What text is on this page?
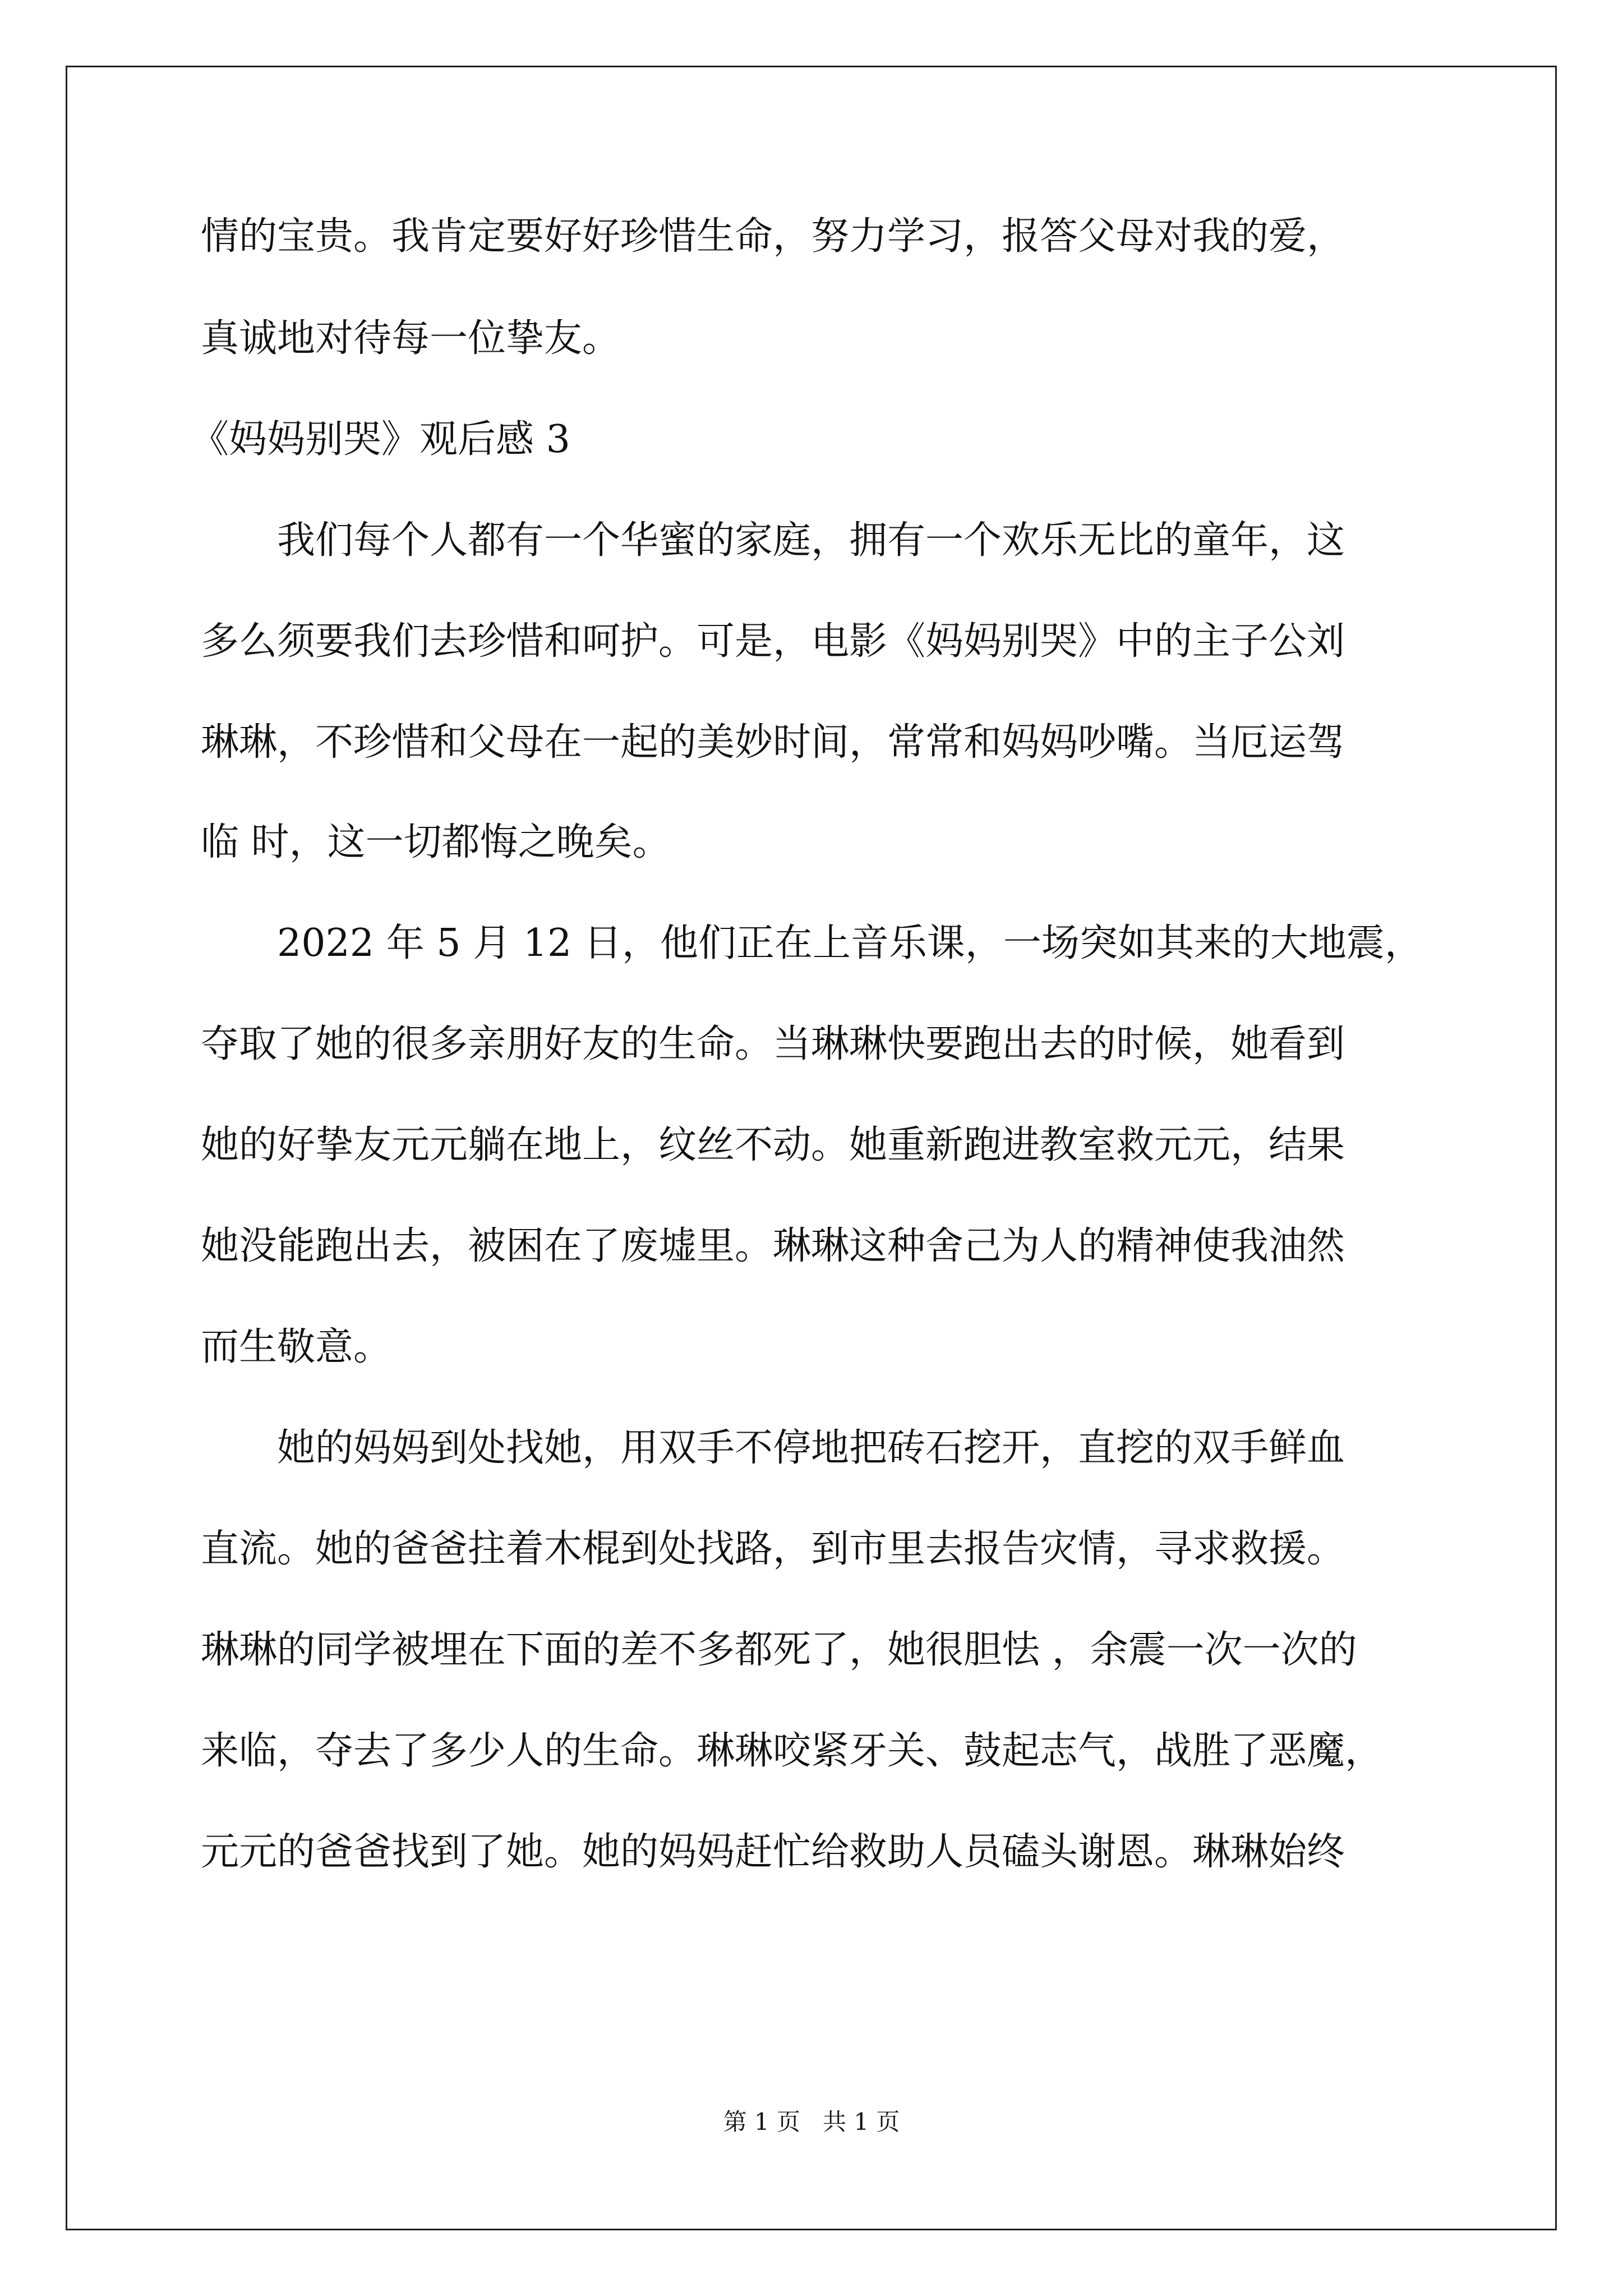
情的宝贵。我肯定要好好珍惜生命，努力学习，报答父母对我的爱，
真诚地对待每一位挚友。
《妈妈别哭》观后感 3
　　我们每个人都有一个华蜜的家庭，拥有一个欢乐无比的童年，这
多么须要我们去珍惜和呵护。可是，电影《妈妈别哭》中的主子公刘
琳琳，不珍惜和父母在一起的美妙时间，常常和妈妈吵嘴。当厄运驾
临 时，这一切都悔之晚矣。
　　2022 年 5 月 12 日，他们正在上音乐课，一场突如其来的大地震，
夺取了她的很多亲朋好友的生命。当琳琳快要跑出去的时候，她看到
她的好挚友元元躺在地上，纹丝不动。她重新跑进教室救元元，结果
她没能跑出去，被困在了废墟里。琳琳这种舍己为人的精神使我油然
而生敬意。
　　她的妈妈到处找她，用双手不停地把砖石挖开，直挖的双手鲜血
直流。她的爸爸拄着木棍到处找路，到市里去报告灾情，寻求救援。
琳琳的同学被埋在下面的差不多都死了，她很胆怯 ，余震一次一次的
来临，夺去了多少人的生命。琳琳咬紧牙关、鼓起志气，战胜了恶魔，
元元的爸爸找到了她。她的妈妈赶忙给救助人员磕头谢恩。琳琳始终
第 1 页 共 1 页
